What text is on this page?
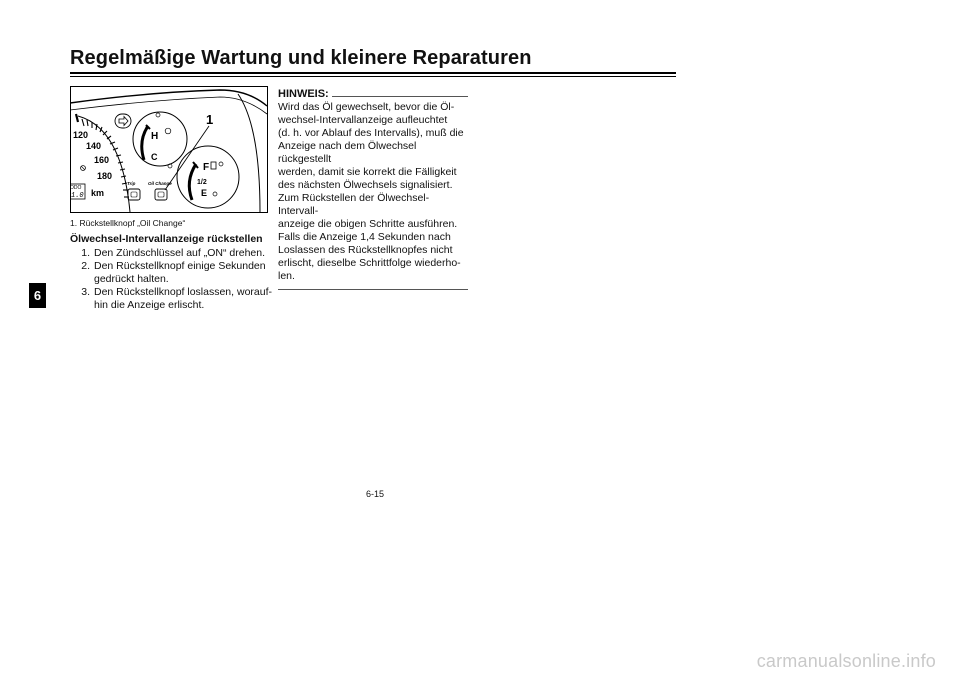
Regelmäßige Wartung und kleinere Reparaturen
6
120
140
160
180
ODO
1.0 km
H
C
F
1/2
E
Trip	Oil Change
1
1. Rückstellknopf „Oil Change“
Ölwechsel-Intervallanzeige rückstellen
1. Den Zündschlüssel auf „ON“ drehen.
2. Den Rückstellknopf einige Sekunden gedrückt halten.
3. Den Rückstellknopf loslassen, woraufhin die Anzeige erlischt.
HINWEIS:
Wird das Öl gewechselt, bevor die Öl-
wechsel-Intervallanzeige aufleuchtet
(d. h. vor Ablauf des Intervalls), muß die
Anzeige nach dem Ölwechsel rückgestellt
werden, damit sie korrekt die Fälligkeit
des nächsten Ölwechsels signalisiert.
Zum Rückstellen der Ölwechsel-Intervall-
anzeige die obigen Schritte ausführen.
Falls die Anzeige 1,4 Sekunden nach
Loslassen des Rückstellknopfes nicht
erlischt, dieselbe Schrittfolge wiederho-
len.
6-15
carmanualsonline.info
